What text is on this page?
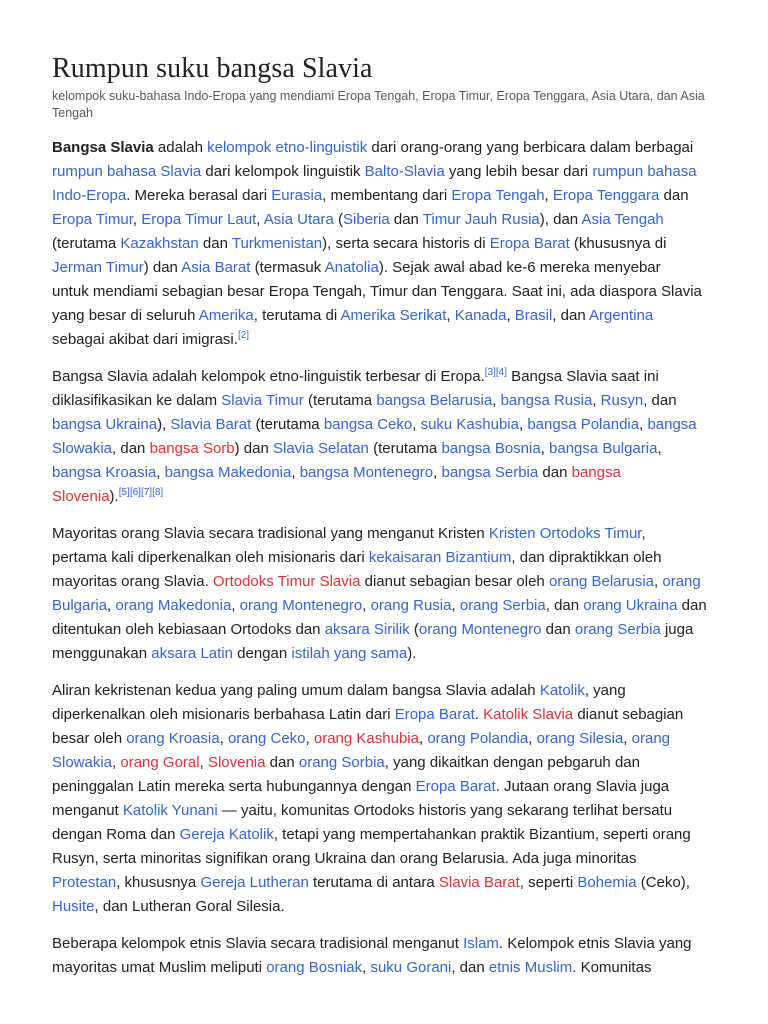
Rumpun suku bangsa Slavia
kelompok suku-bahasa Indo-Eropa yang mendiami Eropa Tengah, Eropa Timur, Eropa Tenggara, Asia Utara, dan Asia Tengah
Bangsa Slavia adalah kelompok etno-linguistik dari orang-orang yang berbicara dalam berbagai
rumpun bahasa Slavia dari kelompok linguistik Balto-Slavia yang lebih besar dari rumpun bahasa
Indo-Eropa. Mereka berasal dari Eurasia, membentang dari Eropa Tengah, Eropa Tenggara dan
Eropa Timur, Eropa Timur Laut, Asia Utara (Siberia dan Timur Jauh Rusia), dan Asia Tengah
(terutama Kazakhstan dan Turkmenistan), serta secara historis di Eropa Barat (khususnya di
Jerman Timur) dan Asia Barat (termasuk Anatolia). Sejak awal abad ke-6 mereka menyebar
untuk mendiami sebagian besar Eropa Tengah, Timur dan Tenggara. Saat ini, ada diaspora Slavia
yang besar di seluruh Amerika, terutama di Amerika Serikat, Kanada, Brasil, dan Argentina
sebagai akibat dari imigrasi.[2]
Bangsa Slavia adalah kelompok etno-linguistik terbesar di Eropa.[3][4] Bangsa Slavia saat ini
diklasifikasikan ke dalam Slavia Timur (terutama bangsa Belarusia, bangsa Rusia, Rusyn, dan
bangsa Ukraina), Slavia Barat (terutama bangsa Ceko, suku Kashubia, bangsa Polandia, bangsa
Slowakia, dan bangsa Sorb) dan Slavia Selatan (terutama bangsa Bosnia, bangsa Bulgaria,
bangsa Kroasia, bangsa Makedonia, bangsa Montenegro, bangsa Serbia dan bangsa
Slovenia).[5][6][7][8]
Mayoritas orang Slavia secara tradisional yang menganut Kristen Kristen Ortodoks Timur,
pertama kali diperkenalkan oleh misionaris dari kekaisaran Bizantium, dan dipraktikkan oleh
mayoritas orang Slavia. Ortodoks Timur Slavia dianut sebagian besar oleh orang Belarusia, orang
Bulgaria, orang Makedonia, orang Montenegro, orang Rusia, orang Serbia, dan orang Ukraina dan
ditentukan oleh kebiasaan Ortodoks dan aksara Sirilik (orang Montenegro dan orang Serbia juga
menggunakan aksara Latin dengan istilah yang sama).
Aliran kekristenan kedua yang paling umum dalam bangsa Slavia adalah Katolik, yang
diperkenalkan oleh misionaris berbahasa Latin dari Eropa Barat. Katolik Slavia dianut sebagian
besar oleh orang Kroasia, orang Ceko, orang Kashubia, orang Polandia, orang Silesia, orang
Slowakia, orang Goral, Slovenia dan orang Sorbia, yang dikaitkan dengan pebgaruh dan
peninggalan Latin mereka serta hubungannya dengan Eropa Barat. Jutaan orang Slavia juga
menganut Katolik Yunani — yaitu, komunitas Ortodoks historis yang sekarang terlihat bersatu
dengan Roma dan Gereja Katolik, tetapi yang mempertahankan praktik Bizantium, seperti orang
Rusyn, serta minoritas signifikan orang Ukraina dan orang Belarusia. Ada juga minoritas
Protestan, khususnya Gereja Lutheran terutama di antara Slavia Barat, seperti Bohemia (Ceko),
Husite, dan Lutheran Goral Silesia.
Beberapa kelompok etnis Slavia secara tradisional menganut Islam. Kelompok etnis Slavia yang
mayoritas umat Muslim meliputi orang Bosniak, suku Gorani, dan etnis Muslim. Komunitas
